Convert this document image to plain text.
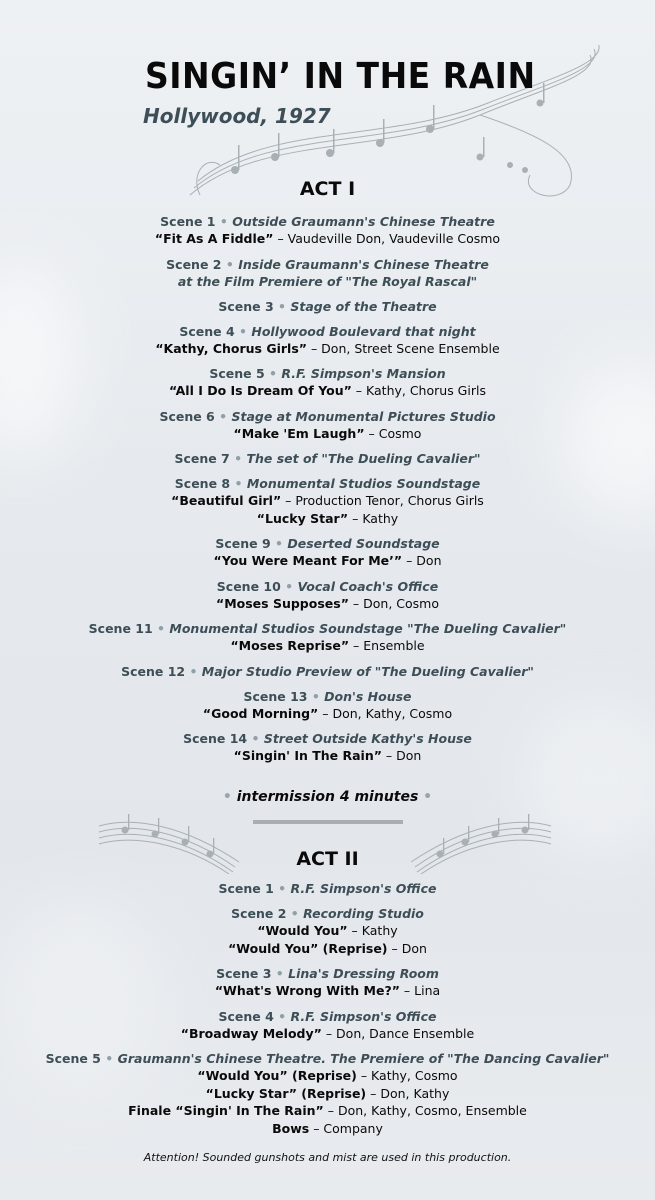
SINGIN’ IN THE RAIN
Hollywood, 1927
ACT I
Scene 1 • Outside Graumann's Chinese Theatre
“Fit As A Fiddle” – Vaudeville Don, Vaudeville Cosmo
Scene 2 • Inside Graumann's Chinese Theatre
at the Film Premiere of "The Royal Rascal"
Scene 3 • Stage of the Theatre
Scene 4 • Hollywood Boulevard that night
“Kathy, Chorus Girls” – Don, Street Scene Ensemble
Scene 5 • R.F. Simpson's Mansion
“All I Do Is Dream Of You” – Kathy, Chorus Girls
Scene 6 • Stage at Monumental Pictures Studio
“Make 'Em Laugh” – Cosmo
Scene 7 • The set of "The Dueling Cavalier"
Scene 8 • Monumental Studios Soundstage
“Beautiful Girl” – Production Tenor, Chorus Girls
“Lucky Star” – Kathy
Scene 9 • Deserted Soundstage
“You Were Meant For Me’” – Don
Scene 10 • Vocal Coach's Office
“Moses Supposes” – Don, Cosmo
Scene 11 • Monumental Studios Soundstage "The Dueling Cavalier"
“Moses Reprise” – Ensemble
Scene 12 • Major Studio Preview of "The Dueling Cavalier"
Scene 13 • Don's House
“Good Morning” – Don, Kathy, Cosmo
Scene 14 • Street Outside Kathy's House
“Singin' In The Rain” – Don
• intermission 4 minutes •
ACT II
Scene 1 • R.F. Simpson's Office
Scene 2 • Recording Studio
“Would You” – Kathy
“Would You” (Reprise) – Don
Scene 3 • Lina's Dressing Room
“What's Wrong With Me?” – Lina
Scene 4 • R.F. Simpson's Office
“Broadway Melody” – Don, Dance Ensemble
Scene 5 • Graumann's Chinese Theatre. The Premiere of "The Dancing Cavalier"
“Would You” (Reprise) – Kathy, Cosmo
“Lucky Star” (Reprise) – Don, Kathy
Finale “Singin' In The Rain” – Don, Kathy, Cosmo, Ensemble
Bows – Company
Attention! Sounded gunshots and mist are used in this production.
